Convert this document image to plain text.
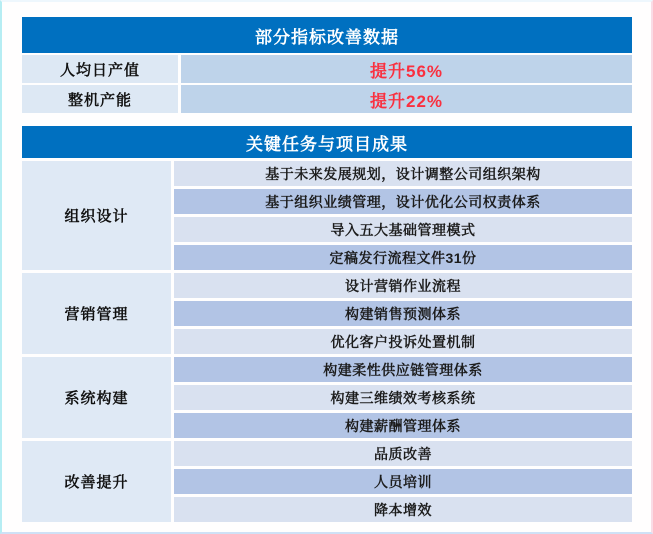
部分指标改善数据
人均日产值	提升56%
整机产能	提升22%
关键任务与项目成果
组织设计
营销管理
系统构建
改善提升
基于未来发展规划，设计调整公司组织架构
基于组织业绩管理，设计优化公司权责体系
导入五大基础管理模式
定稿发行流程文件31份
设计营销作业流程
构建销售预测体系
优化客户投诉处置机制
构建柔性供应链管理体系
构建三维绩效考核系统
构建薪酬管理体系
品质改善
人员培训
降本增效
